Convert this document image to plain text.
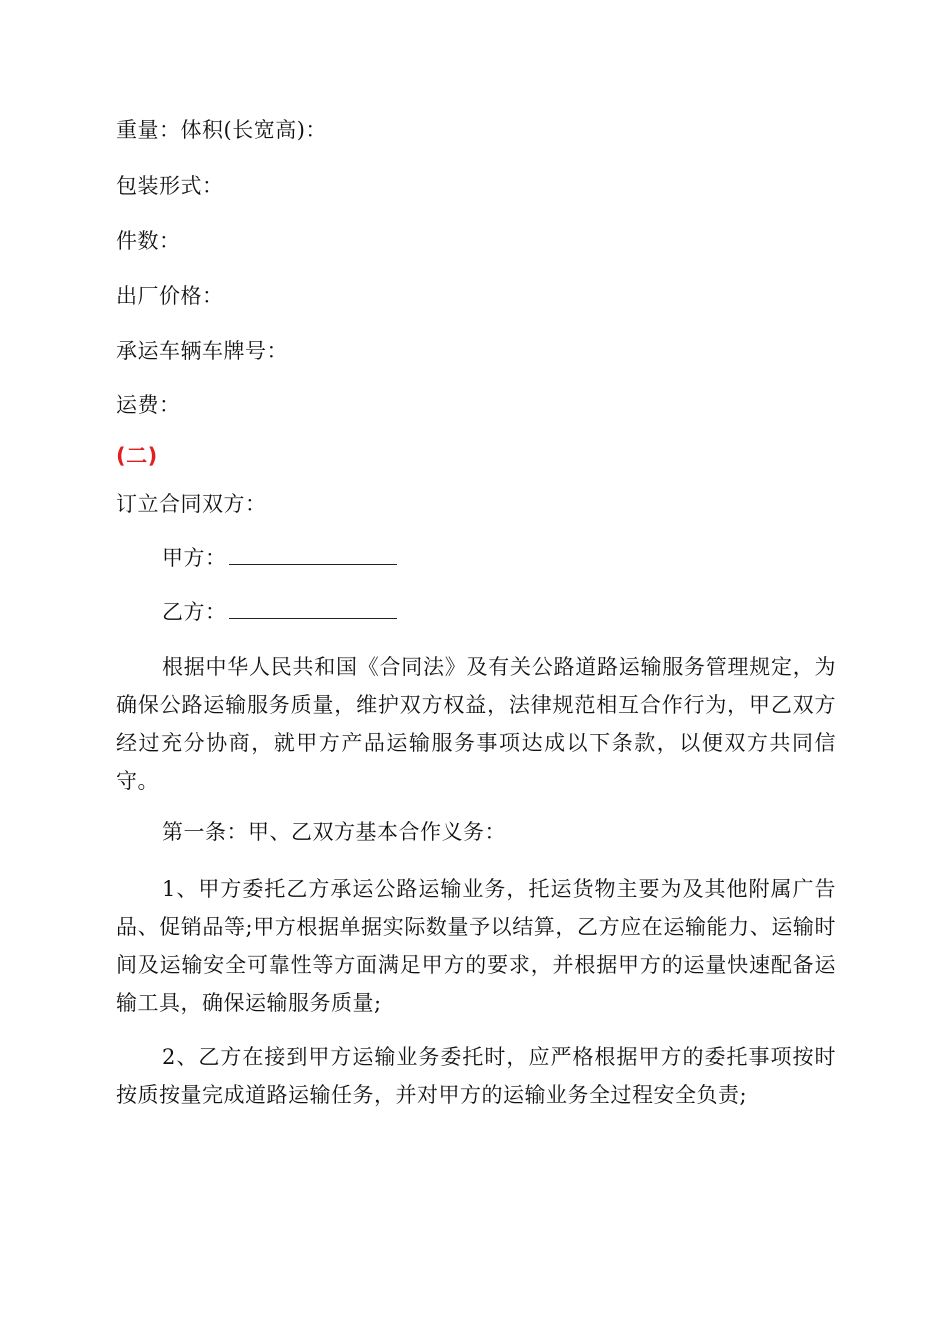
重量：体积(长宽高)：
包装形式：
件数：
出厂价格：
承运车辆车牌号：
运费：
(二)
订立合同双方：
甲方：
乙方：
根据中华人民共和国《合同法》及有关公路道路运输服务管理规定，为确保公路运输服务质量，维护双方权益，法律规范相互合作行为，甲乙双方经过充分协商，就甲方产品运输服务事项达成以下条款，以便双方共同信守。
第一条：甲、乙双方基本合作义务：
1、甲方委托乙方承运公路运输业务，托运货物主要为及其他附属广告品、促销品等;甲方根据单据实际数量予以结算，乙方应在运输能力、运输时间及运输安全可靠性等方面满足甲方的要求，并根据甲方的运量快速配备运输工具，确保运输服务质量;
2、乙方在接到甲方运输业务委托时，应严格根据甲方的委托事项按时按质按量完成道路运输任务，并对甲方的运输业务全过程安全负责;
